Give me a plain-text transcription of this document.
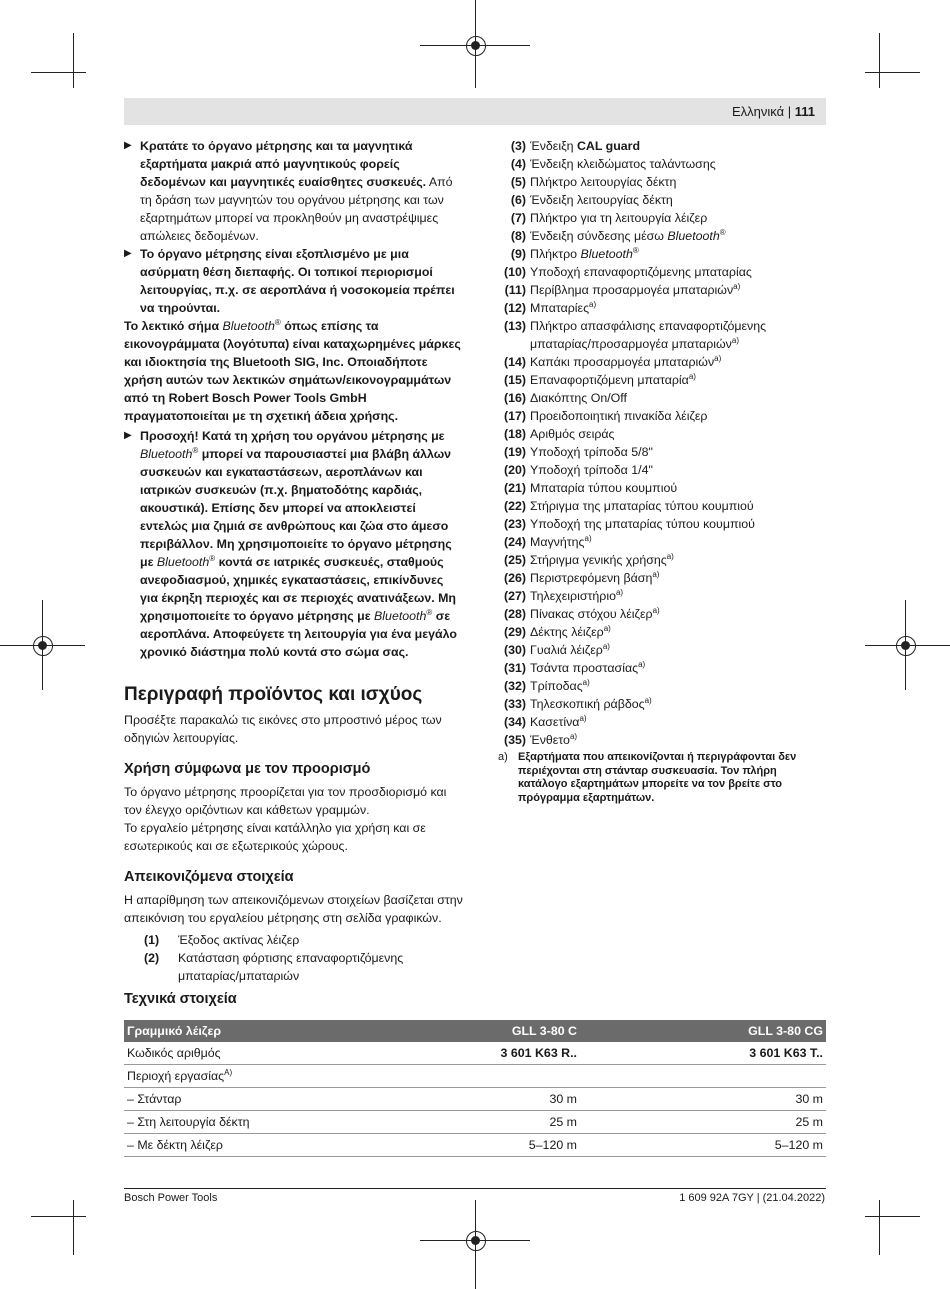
Ελληνικά | 111

▶ Κρατάτε το όργανο μέτρησης και τα μαγνητικά εξαρτήματα μακριά από μαγνητικούς φορείς δεδομένων και μαγνητικές ευαίσθητες συσκευές. Από τη δράση των μαγνητών του οργάνου μέτρησης και των εξαρτημάτων μπορεί να προκληθούν μη αναστρέψιμες απώλειες δεδομένων.

▶ Το όργανο μέτρησης είναι εξοπλισμένο με μια ασύρματη θέση διεπαφής. Οι τοπικοί περιορισμοί λειτουργίας, π.χ. σε αεροπλάνα ή νοσοκομεία πρέπει να τηρούνται.

Το λεκτικό σήμα Bluetooth® όπως επίσης τα εικονογράμματα (λογότυπα) είναι καταχωρημένες μάρκες και ιδιοκτησία της Bluetooth SIG, Inc. Οποιαδήποτε χρήση αυτών των λεκτικών σημάτων/εικονογραμμάτων από τη Robert Bosch Power Tools GmbH πραγματοποιείται με τη σχετική άδεια χρήσης.

▶ Προσοχή! Κατά τη χρήση του οργάνου μέτρησης με Bluetooth® μπορεί να παρουσιαστεί μια βλάβη άλλων συσκευών και εγκαταστάσεων, αεροπλάνων και ιατρικών συσκευών (π.χ. βηματοδότης καρδιάς, ακουστικά). Επίσης δεν μπορεί να αποκλειστεί εντελώς μια ζημιά σε ανθρώπους και ζώα στο άμεσο περιβάλλον. Μη χρησιμοποιείτε το όργανο μέτρησης με Bluetooth® κοντά σε ιατρικές συσκευές, σταθμούς ανεφοδιασμού, χημικές εγκαταστάσεις, επικίνδυνες για έκρηξη περιοχές και σε περιοχές ανατινάξεων. Μη χρησιμοποιείτε το όργανο μέτρησης με Bluetooth® σε αεροπλάνα. Αποφεύγετε τη λειτουργία για ένα μεγάλο χρονικό διάστημα πολύ κοντά στο σώμα σας.

Περιγραφή προϊόντος και ισχύος

Προσέξτε παρακαλώ τις εικόνες στο μπροστινό μέρος των οδηγιών λειτουργίας.

Χρήση σύμφωνα με τον προορισμό

Το όργανο μέτρησης προορίζεται για τον προσδιορισμό και τον έλεγχο οριζόντιων και κάθετων γραμμών.

Το εργαλείο μέτρησης είναι κατάλληλο για χρήση και σε εσωτερικούς και σε εξωτερικούς χώρους.

Απεικονιζόμενα στοιχεία

Η απαρίθμηση των απεικονιζόμενων στοιχείων βασίζεται στην απεικόνιση του εργαλείου μέτρησης στη σελίδα γραφικών.

(1) Έξοδος ακτίνας λέιζερ

(2) Κατάσταση φόρτισης επαναφορτιζόμενης μπαταρίας/μπαταριών

(3) Ένδειξη CAL guard

(4) Ένδειξη κλειδώματος ταλάντωσης

(5) Πλήκτρο λειτουργίας δέκτη

(6) Ένδειξη λειτουργίας δέκτη

(7) Πλήκτρο για τη λειτουργία λέιζερ

(8) Ένδειξη σύνδεσης μέσω Bluetooth®

(9) Πλήκτρο Bluetooth®

(10) Υποδοχή επαναφορτιζόμενης μπαταρίας

(11) Περίβλημα προσαρμογέα μπαταριών$^{a)}$

(12) Μπαταρίες$^{a)}$

(13) Πλήκτρο απασφάλισης επαναφορτιζόμενης μπαταρίας/προσαρμογέα μπαταριών$^{a)}$

(14) Καπάκι προσαρμογέα μπαταριών$^{a)}$

(15) Επαναφορτιζόμενη μπαταρία$^{a)}$

(16) Διακόπτης On/Off

(17) Προειδοποιητική πινακίδα λέιζερ

(18) Αριθμός σειράς

(19) Υποδοχή τρίποδα 5/8"

(20) Υποδοχή τρίποδα 1/4"

(21) Μπαταρία τύπου κουμπιού

(22) Στήριγμα της μπαταρίας τύπου κουμπιού

(23) Υποδοχή της μπαταρίας τύπου κουμπιού

(24) Μαγνήτης$^{a)}$

(25) Στήριγμα γενικής χρήσης$^{a)}$

(26) Περιστρεφόμενη βάση$^{a)}$

(27) Τηλεχειριστήριο$^{a)}$

(28) Πίνακας στόχου λέιζερ$^{a)}$

(29) Δέκτης λέιζερ$^{a)}$

(30) Γυαλιά λέιζερ$^{a)}$

(31) Τσάντα προστασίας$^{a)}$

(32) Τρίποδας$^{a)}$

(33) Τηλεσκοπική ράβδος$^{a)}$

(34) Κασετίνα$^{a)}$

(35) Ένθετο$^{a)}$

a) Εξαρτήματα που απεικονίζονται ή περιγράφονται δεν περιέχονται στη στάνταρ συσκευασία. Τον πλήρη κατάλογο εξαρτημάτων μπορείτε να τον βρείτε στο πρόγραμμα εξαρτημάτων.

Τεχνικά στοιχεία
Γραμμικό λέιζερ	GLL 3-80 C	GLL 3-80 CG
Κωδικός αριθμός	3 601 K63 R..	3 601 K63 T..
Περιοχή εργασίας$^{A)}$		
– Στάνταρ	30 m	30 m
– Στη λειτουργία δέκτη	25 m	25 m
– Με δέκτη λέιζερ	5–120 m	5–120 m
Bosch Power Tools	1 609 92A 7GY | (21.04.2022)
